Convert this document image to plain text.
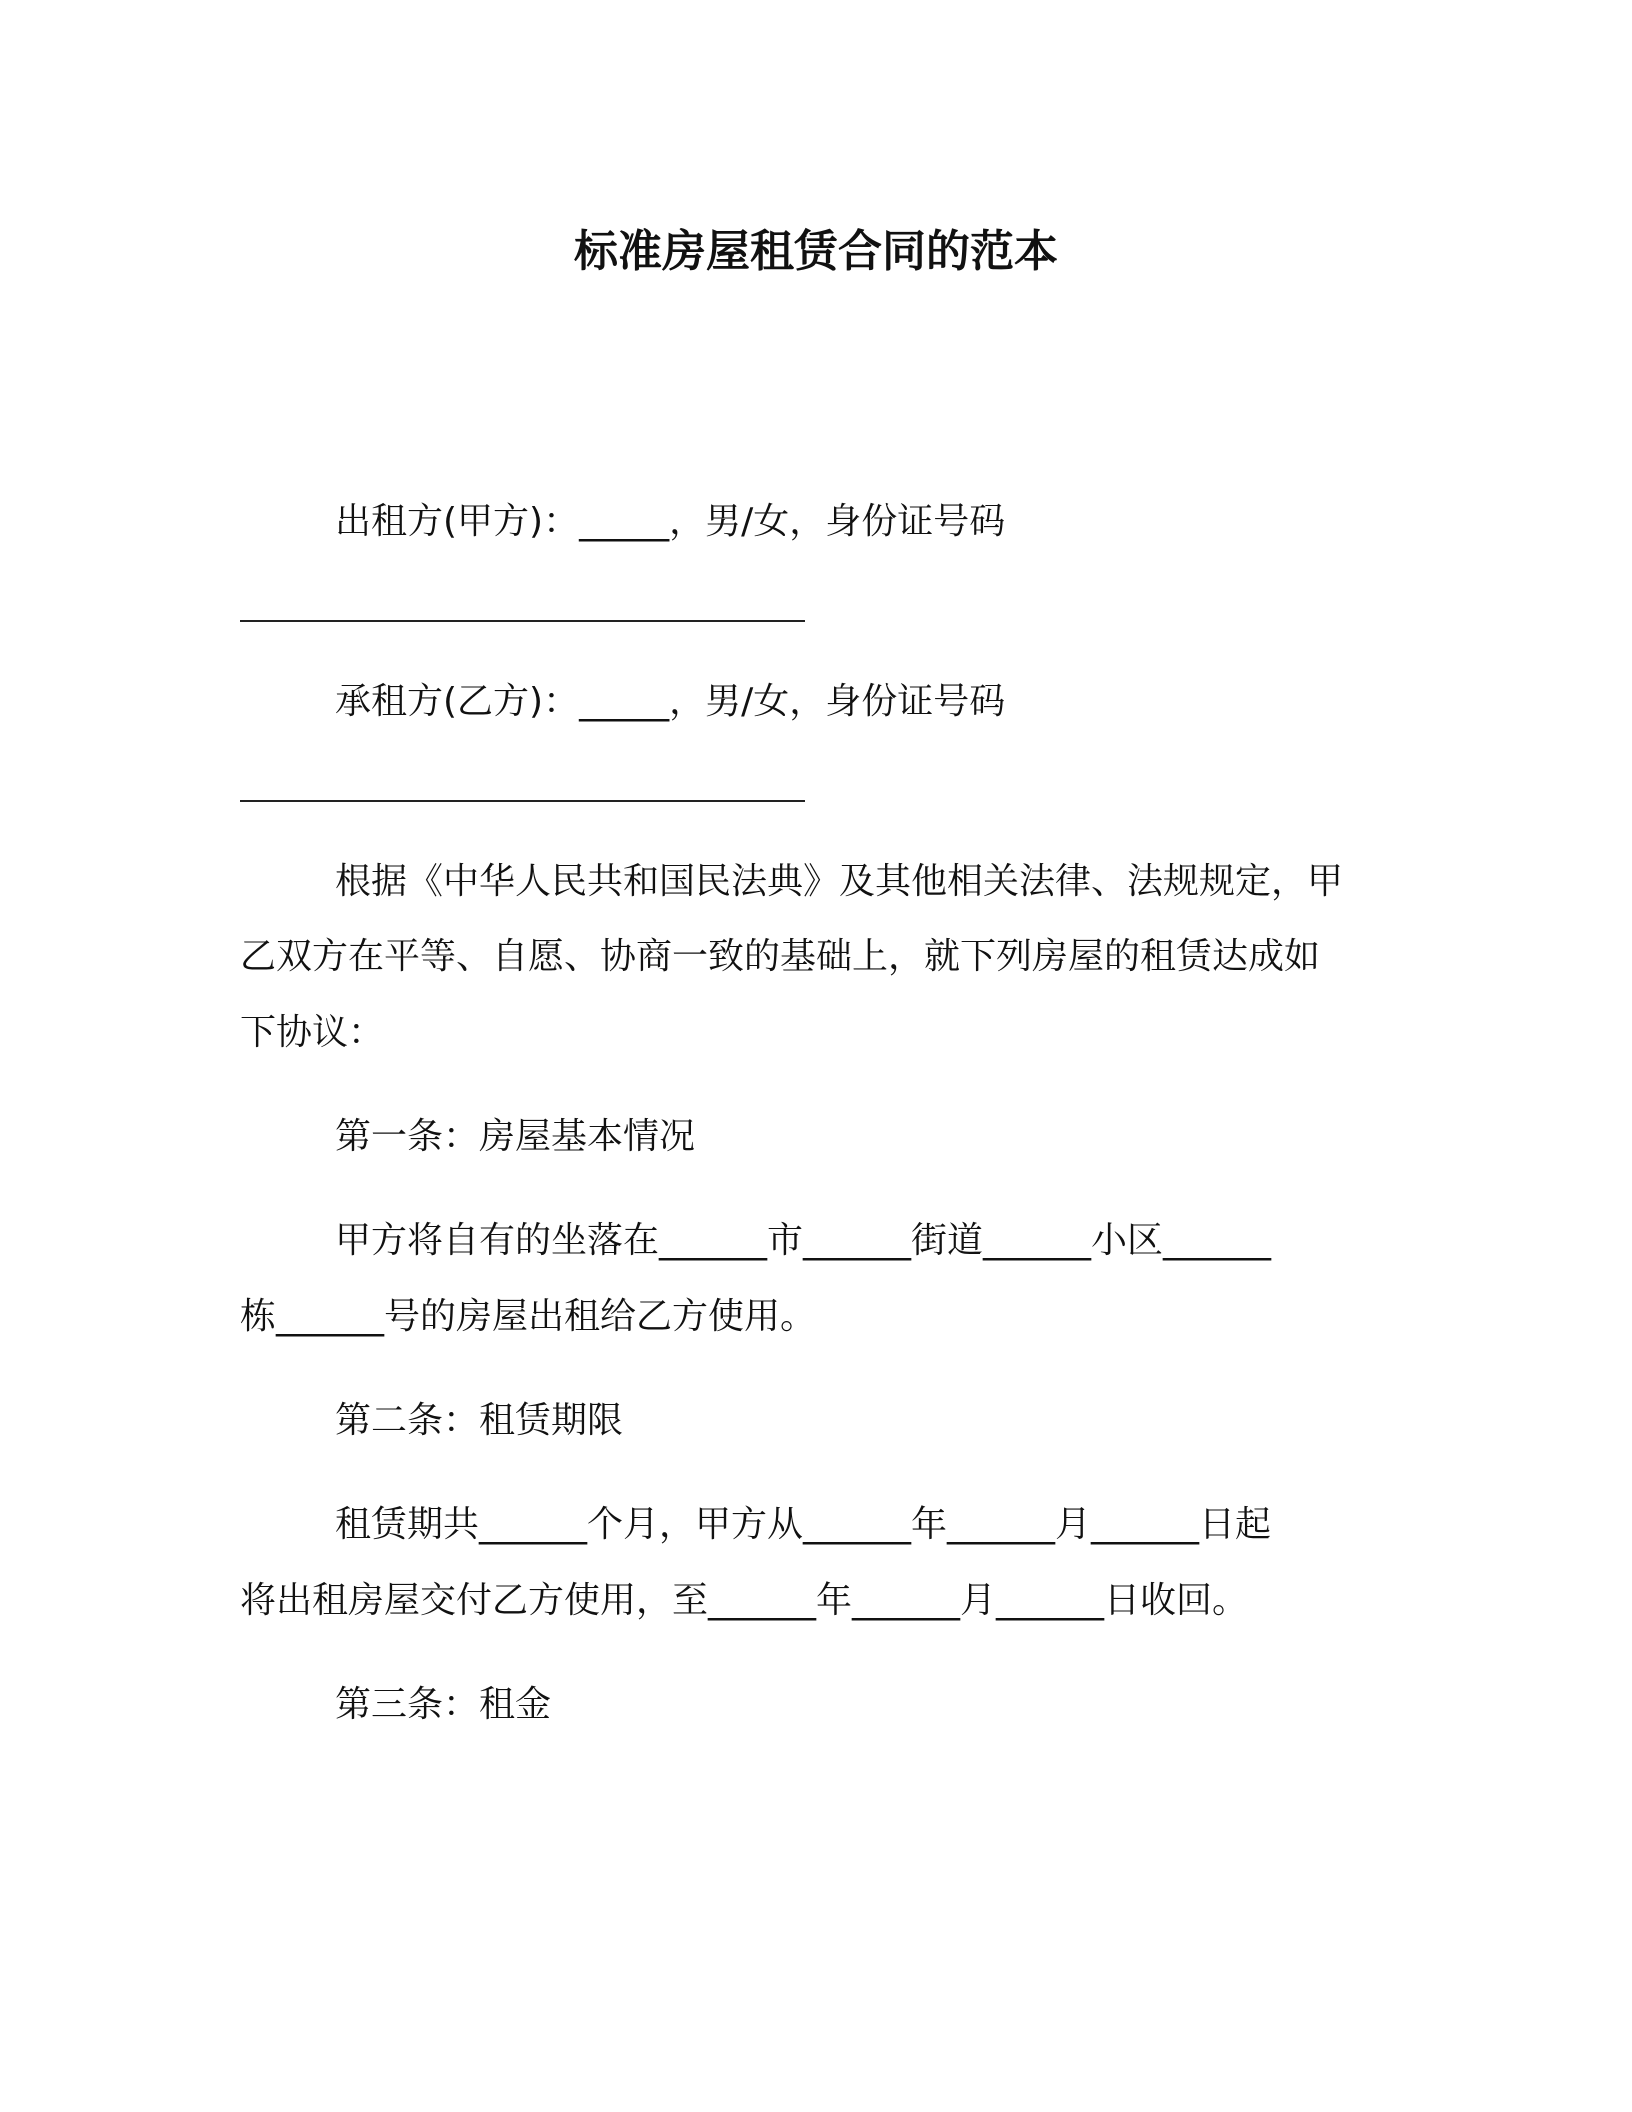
标准房屋租赁合同的范本
出租方(甲方)：_____，男/女，身份证号码
承租方(乙方)：_____，男/女，身份证号码
根据《中华人民共和国民法典》及其他相关法律、法规规定，甲
乙双方在平等、自愿、协商一致的基础上，就下列房屋的租赁达成如
下协议：
第一条：房屋基本情况
甲方将自有的坐落在______市______街道______小区______
栋______号的房屋出租给乙方使用。
第二条：租赁期限
租赁期共______个月，甲方从______年______月______日起
将出租房屋交付乙方使用，至______年______月______日收回。
第三条：租金
